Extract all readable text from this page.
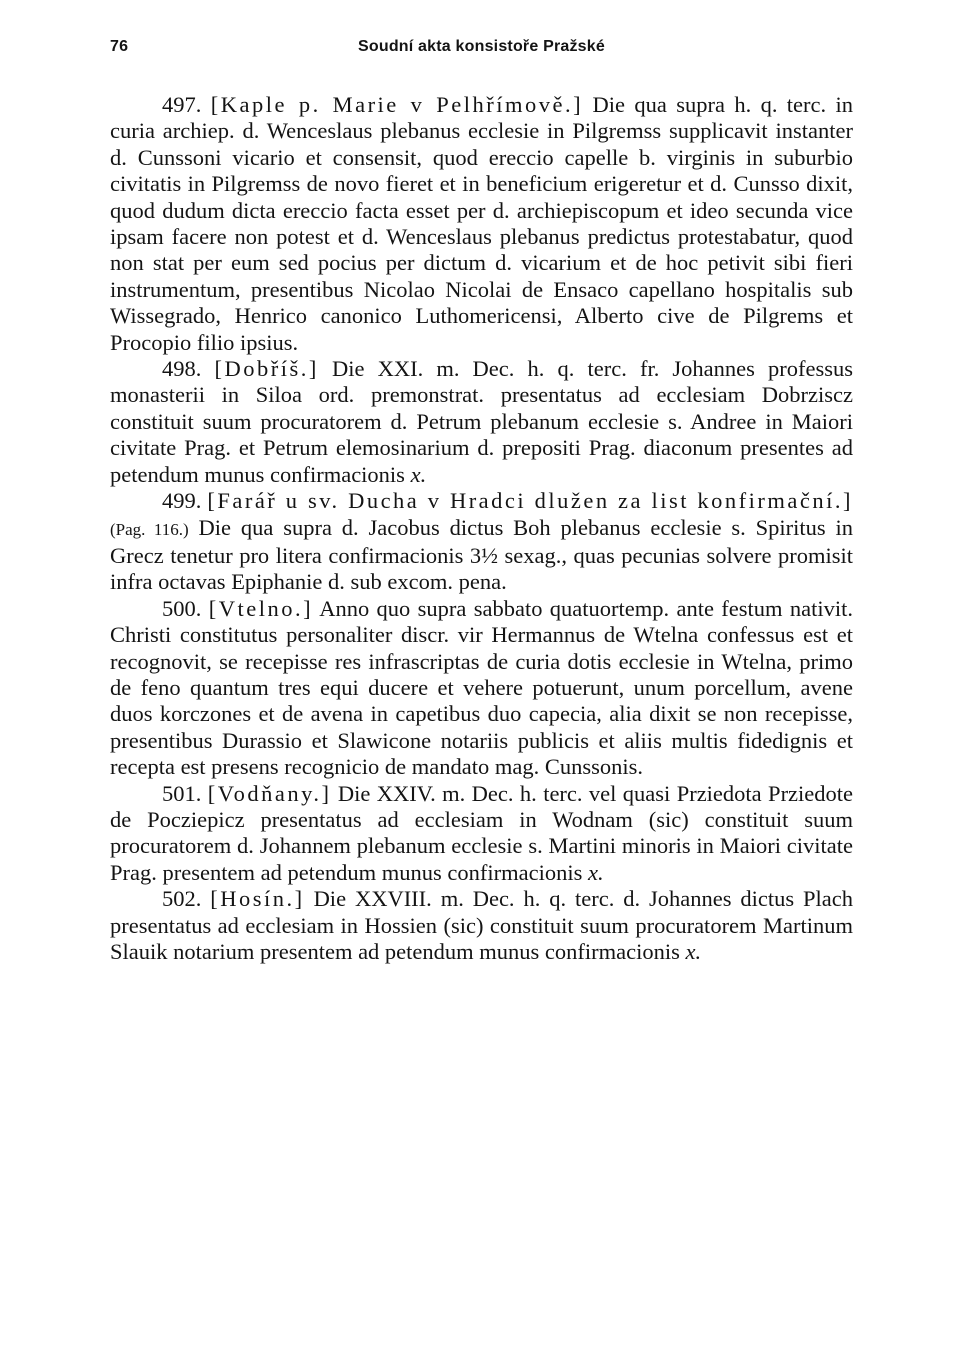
76	Soudní akta konsistoře Pražské

497. [Kaple p. Marie v Pelhřímově.] Die qua supra h. q. terc. in curia archiep. d. Wenceslaus plebanus ecclesie in Pilgremss supplicavit instanter d. Cunssoni vicario et consensit, quod ereccio capelle b. virginis in suburbio civitatis in Pilgremss de novo fieret et in beneficium erigeretur et d. Cunsso dixit, quod dudum dicta ereccio facta esset per d. archiepiscopum et ideo secunda vice ipsam facere non potest et d. Wenceslaus plebanus predictus protestabatur, quod non stat per eum sed pocius per dictum d. vicarium et de hoc petivit sibi fieri instrumentum, presentibus Nicolao Nicolai de Ensaco capellano hospitalis sub Wissegrado, Henrico canonico Luthomericensi, Alberto cive de Pilgrems et Procopio filio ipsius.

498. [Dobříš.] Die XXI. m. Dec. h. q. terc. fr. Johannes professus monasterii in Siloa ord. premonstrat. presentatus ad ecclesiam Dobrziscz constituit suum procuratorem d. Petrum plebanum ecclesie s. Andree in Maiori civitate Prag. et Petrum elemosinarium d. prepositi Prag. diaconum presentes ad petendum munus confirmacionis x.

499. [Farář u sv. Ducha v Hradci dlužen za list konfirmační.] (Pag. 116.) Die qua supra d. Jacobus dictus Boh plebanus ecclesie s. Spiritus in Grecz tenetur pro litera confirmacionis 3½ sexag., quas pecunias solvere promisit infra octavas Epiphanie d. sub excom. pena.

500. [Vtelno.] Anno quo supra sabbato quatuortemp. ante festum nativit. Christi constitutus personaliter discr. vir Hermannus de Wtelna confessus est et recognovit, se recepisse res infrascriptas de curia dotis ecclesie in Wtelna, primo de feno quantum tres equi ducere et vehere potuerunt, unum porcellum, avene duos korczones et de avena in capetibus duo capecia, alia dixit se non recepisse, presentibus Durassio et Slawicone notariis publicis et aliis multis fidedignis et recepta est presens recognicio de mandato mag. Cunssonis.

501. [Vodňany.] Die XXIV. m. Dec. h. terc. vel quasi Prziedota Prziedote de Pocziepicz presentatus ad ecclesiam in Wodnam (sic) constituit suum procuratorem d. Johannem plebanum ecclesie s. Martini minoris in Maiori civitate Prag. presentem ad petendum munus confirmacionis x.

502. [Hosín.] Die XXVIII. m. Dec. h. q. terc. d. Johannes dictus Plach presentatus ad ecclesiam in Hossien (sic) constituit suum procuratorem Martinum Slauik notarium presentem ad petendum munus confirmacionis x.
